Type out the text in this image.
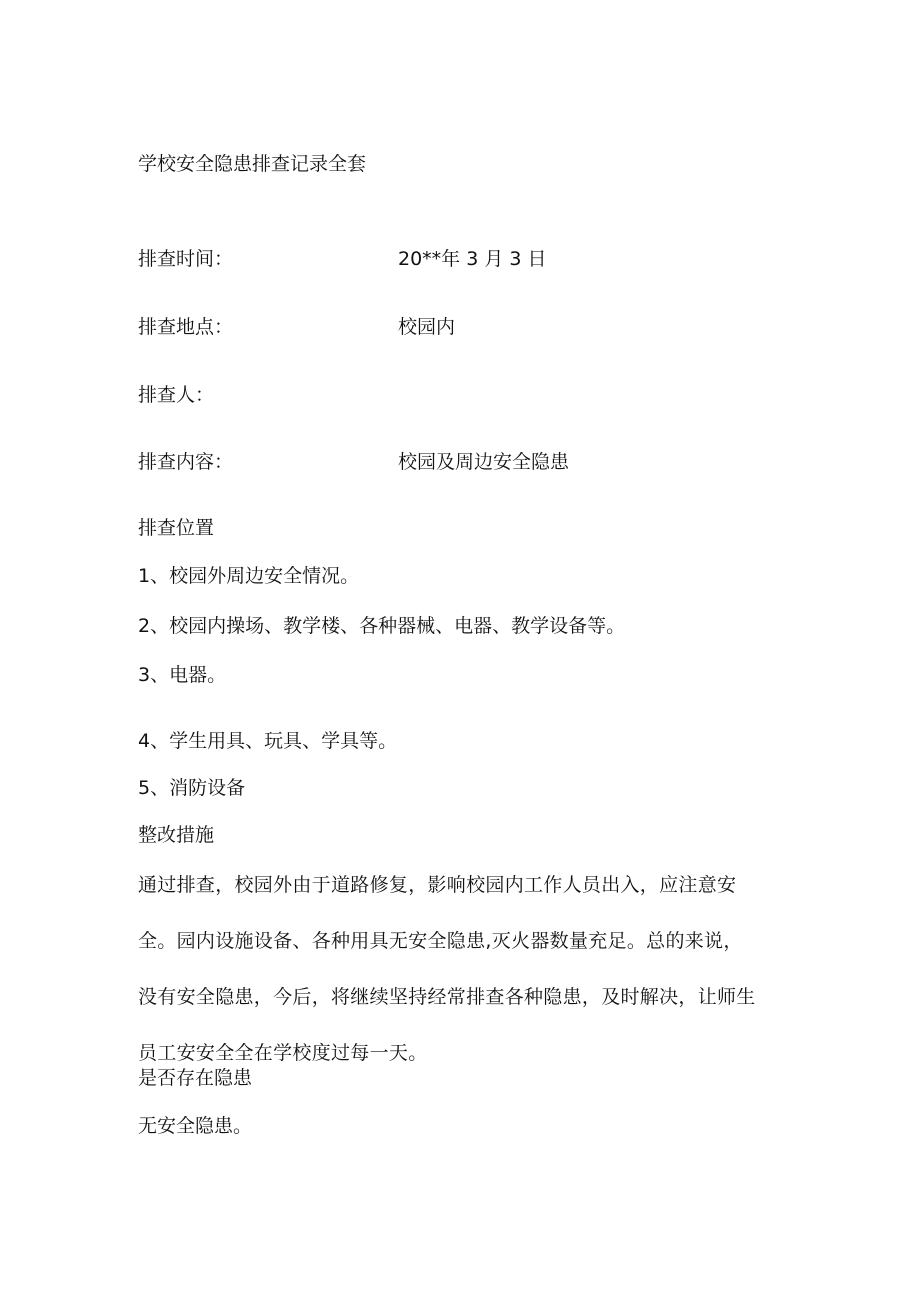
学校安全隐患排查记录全套
排查时间：	20**年 3 月 3 日
排查地点：	校园内
排查人：
排查内容：	校园及周边安全隐患
排查位置
1、校园外周边安全情况。
2、校园内操场、教学楼、各种器械、电器、教学设备等。
3、电器。
4、学生用具、玩具、学具等。
5、消防设备
整改措施
通过排查，校园外由于道路修复，影响校园内工作人员出入，应注意安
全。园内设施设备、各种用具无安全隐患,灭火器数量充足。总的来说，
没有安全隐患，今后，将继续坚持经常排查各种隐患，及时解决，让师生
员工安安全全在学校度过每一天。
是否存在隐患
无安全隐患。
